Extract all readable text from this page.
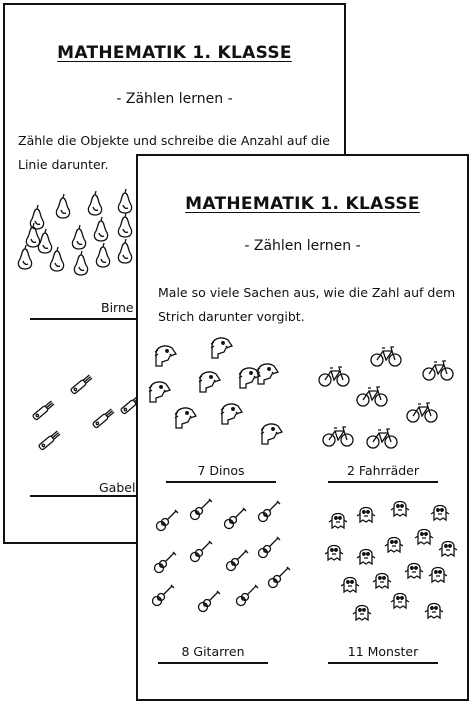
MATHEMATIK 1. KLASSE
- Zählen lernen -
Zähle die Objekte und schreibe die Anzahl auf die Linie darunter.
Birne
Gabel
MATHEMATIK 1. KLASSE
- Zählen lernen -
Male so viele Sachen aus, wie die Zahl auf dem Strich darunter vorgibt.
7 Dinos	2 Fahrräder
8 Gitarren	11 Monster
